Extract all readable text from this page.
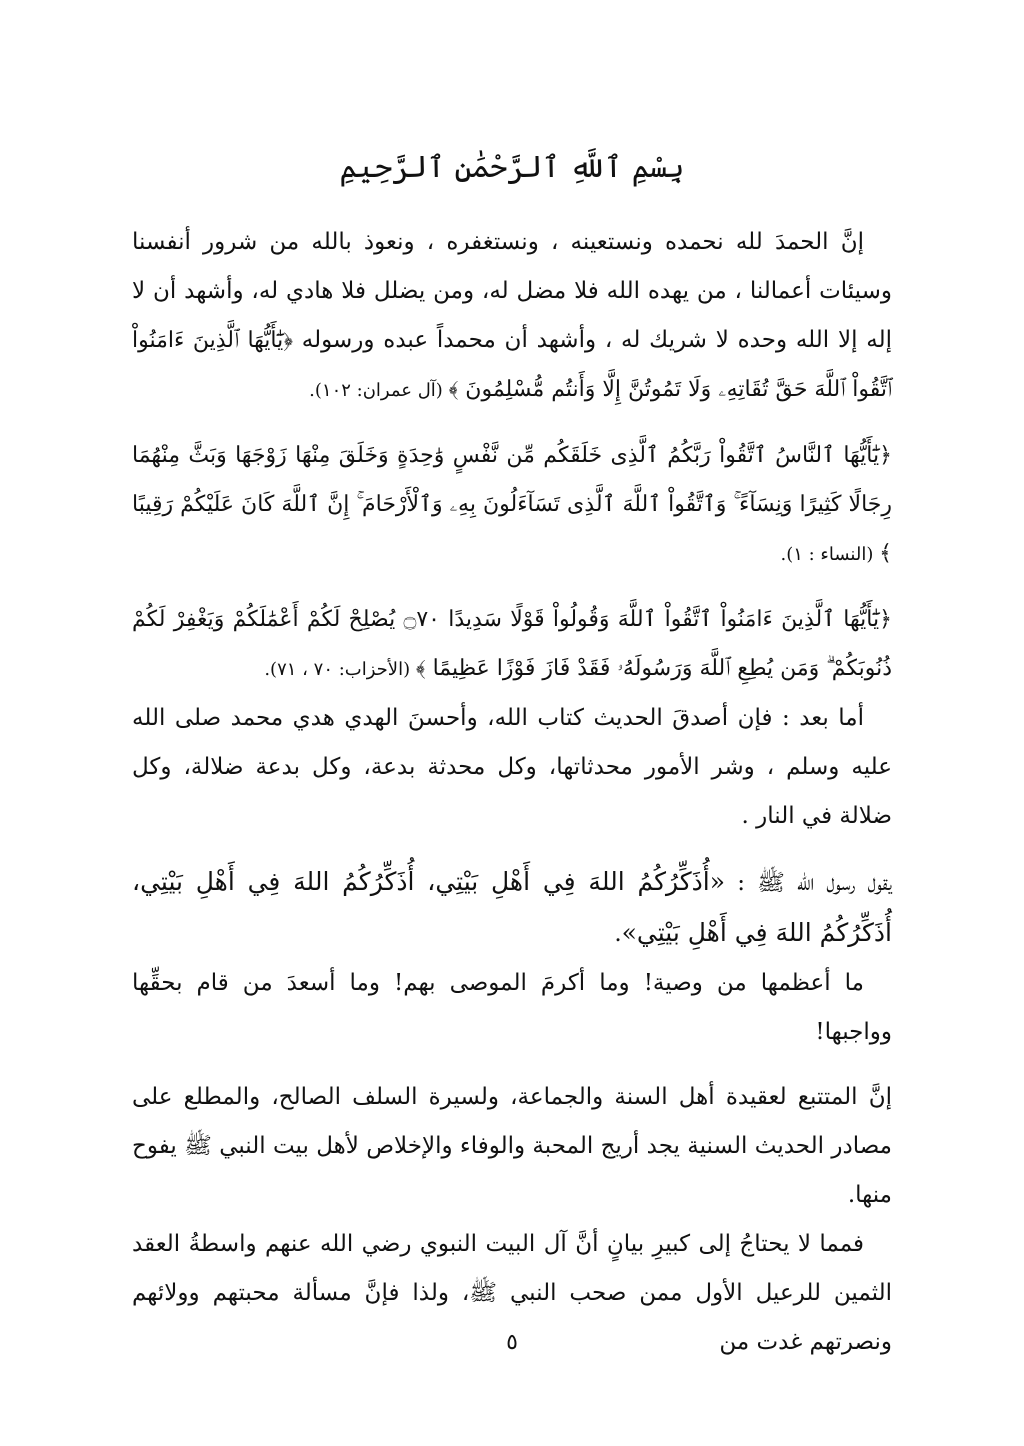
بِسْمِ ٱللَّهِ ٱلرَّحْمَٰنِ ٱلرَّحِيمِ

إنَّ الحمدَ لله نحمده ونستعينه ، ونستغفره ، ونعوذ بالله من شرور أنفسنا وسيئات أعمالنا ، من يهده الله فلا مضل له، ومن يضلل فلا هادي له، وأشهد أن لا إله إلا الله وحده لا شريك له ، وأشهد أن محمداً عبده ورسوله ﴿يَٰٓأَيُّهَا ٱلَّذِينَ ءَامَنُواْ ٱتَّقُواْ ٱللَّهَ حَقَّ تُقَاتِهِۦ وَلَا تَمُوتُنَّ إِلَّا وَأَنتُم مُّسْلِمُونَ ﴾ (آل عمران: ١٠٢).

﴿يَٰٓأَيُّهَا ٱلنَّاسُ ٱتَّقُواْ رَبَّكُمُ ٱلَّذِى خَلَقَكُم مِّن نَّفْسٍ وَٰحِدَةٍ وَخَلَقَ مِنْهَا زَوْجَهَا وَبَثَّ مِنْهُمَا رِجَالًا كَثِيرًا وَنِسَآءً ۚ وَٱتَّقُواْ ٱللَّهَ ٱلَّذِى تَسَآءَلُونَ بِهِۦ وَٱلْأَرْحَامَ ۚ إِنَّ ٱللَّهَ كَانَ عَلَيْكُمْ رَقِيبًا ﴾ (النساء : ١).

﴿يَٰٓأَيُّهَا ٱلَّذِينَ ءَامَنُواْ ٱتَّقُواْ ٱللَّهَ وَقُولُواْ قَوْلًا سَدِيدًا ۝٧٠ يُصْلِحْ لَكُمْ أَعْمَٰلَكُمْ وَيَغْفِرْ لَكُمْ ذُنُوبَكُمْ ۗ وَمَن يُطِعِ ٱللَّهَ وَرَسُولَهُۥ فَقَدْ فَازَ فَوْزًا عَظِيمًا ﴾ (الأحزاب: ٧٠ ، ٧١).

أما بعد : فإن أصدقَ الحديث كتاب الله، وأحسنَ الهدي هدي محمد صلى الله عليه وسلم ، وشر الأمور محدثاتها، وكل محدثة بدعة، وكل بدعة ضلالة، وكل ضلالة في النار .

يقول رسول الله ﷺ : «أُذَكِّرُكُمُ اللهَ فِي أَهْلِ بَيْتِي، أُذَكِّرُكُمُ اللهَ فِي أَهْلِ بَيْتِي، أُذَكِّرُكُمُ اللهَ فِي أَهْلِ بَيْتِي».

ما أعظمها من وصية! وما أكرمَ الموصى بهم! وما أسعدَ من قام بحقِّها وواجبها!

إنَّ المتتبع لعقيدة أهل السنة والجماعة، ولسيرة السلف الصالح، والمطلع على مصادر الحديث السنية يجد أريج المحبة والوفاء والإخلاص لأهل بيت النبي ﷺ يفوح منها.

فمما لا يحتاجُ إلى كبيرِ بيانٍ أنَّ آل البيت النبوي رضي الله عنهم واسطةُ العقد الثمين للرعيل الأول ممن صحب النبي ﷺ، ولذا فإنَّ مسألة محبتهم وولائهم ونصرتهم غدت من

٥
